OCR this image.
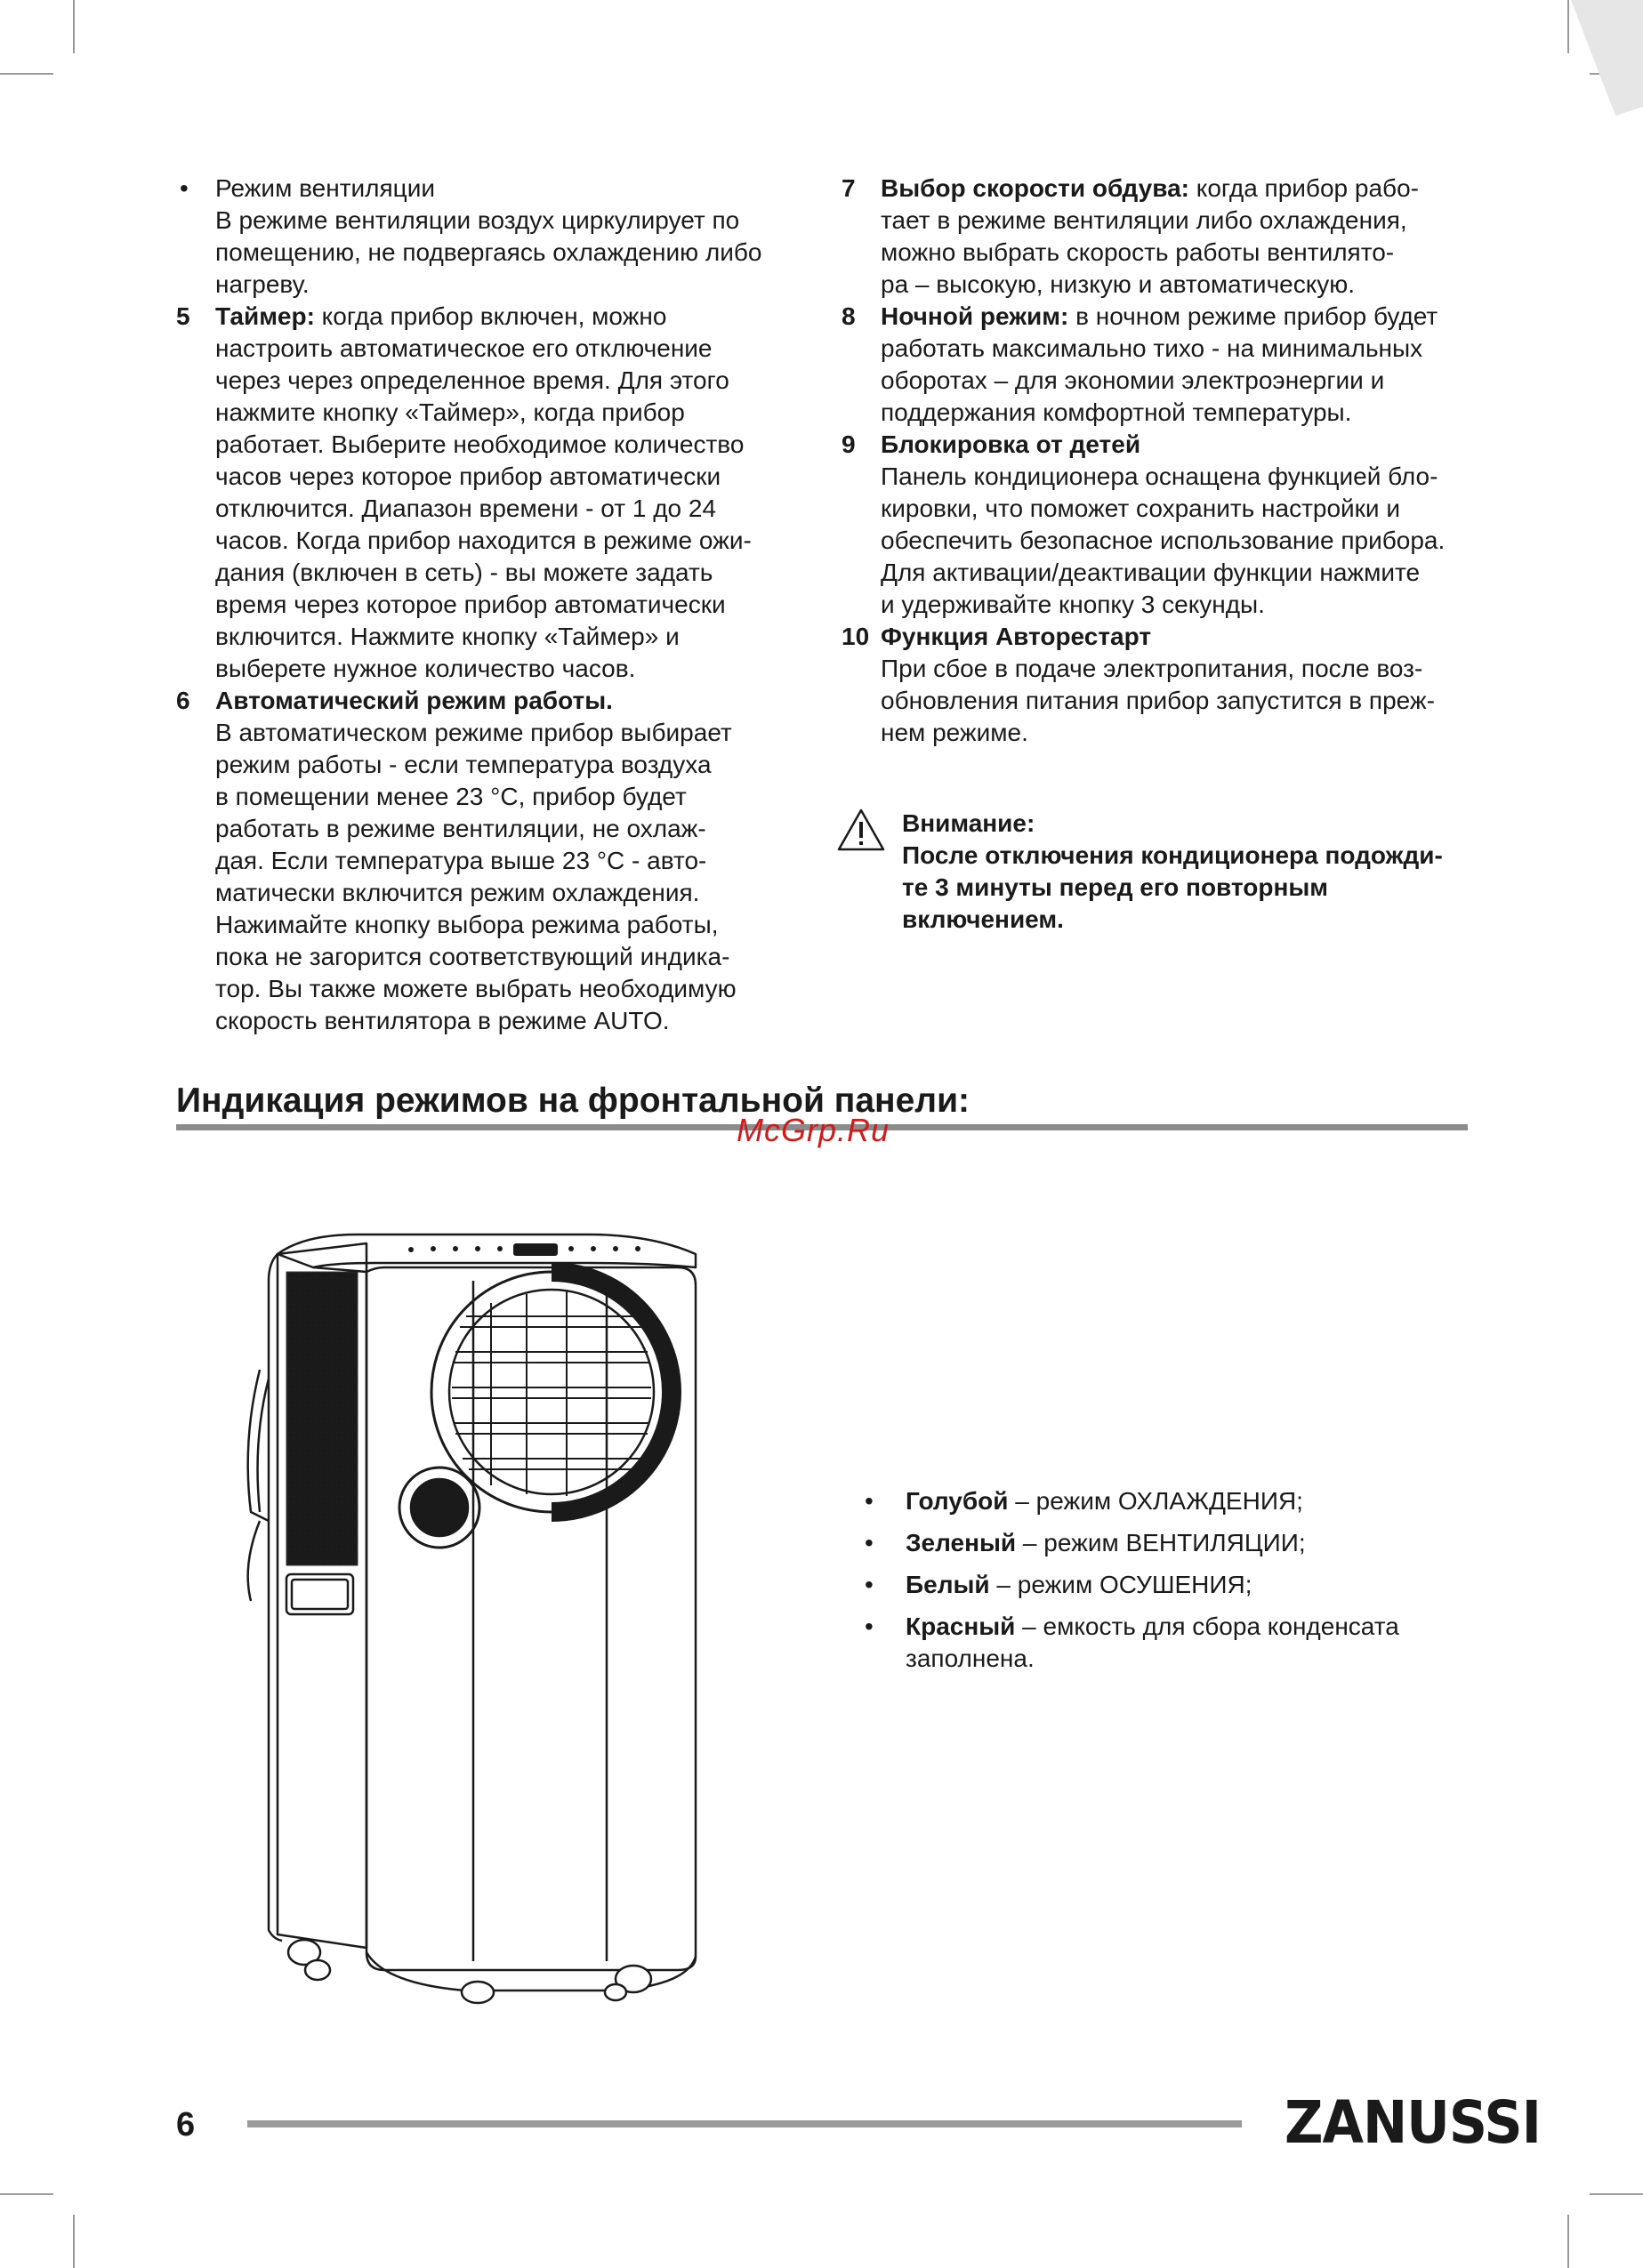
• Режим вентиляции

В режиме вентиляции воздух циркулирует по

помещению, не подвергаясь охлаждению либо

нагреву.

5 Таймер: когда прибор включен, можно

настроить автоматическое его отключение

через через определенное время. Для этого

нажмите кнопку «Таймер», когда прибор

работает. Выберите необходимое количество

часов через которое прибор автоматически

отключится. Диапазон времени - от 1 до 24

часов. Когда прибор находится в режиме ожи-

дания (включен в сеть) - вы можете задать

время через которое прибор автоматически

включится. Нажмите кнопку «Таймер» и

выберете нужное количество часов.

6 Автоматический режим работы.

В автоматическом режиме прибор выбирает

режим работы - если температура воздуха

в помещении менее 23 °С, прибор будет

работать в режиме вентиляции, не охлаж-

дая. Если температура выше 23 °С - авто-

матически включится режим охлаждения.

Нажимайте кнопку выбора режима работы,

пока не загорится соответствующий индика-

тор. Вы также можете выбрать необходимую

скорость вентилятора в режиме AUTO.

7 Выбор скорости обдува: когда прибор рабо-

тает в режиме вентиляции либо охлаждения,

можно выбрать скорость работы вентилято-

ра – высокую, низкую и автоматическую.

8 Ночной режим: в ночном режиме прибор будет

работать максимально тихо - на минимальных

оборотах – для экономии электроэнергии и

поддержания комфортной температуры.

9 Блокировка от детей

Панель кондиционера оснащена функцией бло-

кировки, что поможет сохранить настройки и

обеспечить безопасное использование прибора.

Для активации/деактивации функции нажмите

и удерживайте кнопку 3 секунды.

10 Функция Авторестарт

При сбое в подаче электропитания, после воз-

обновления питания прибор запустится в преж-

нем режиме.

Внимание:

После отключения кондиционера подожди-

те 3 минуты перед его повторным

включением.

Индикация режимов на фронтальной панели:
McGrp.Ru
• Голубой – режим ОХЛАЖДЕНИЯ;
• Зеленый – режим ВЕНТИЛЯЦИИ;
• Белый – режим ОСУШЕНИЯ;
• Красный – емкость для сбора конденсата
заполнена.
6	ZANUSSI
